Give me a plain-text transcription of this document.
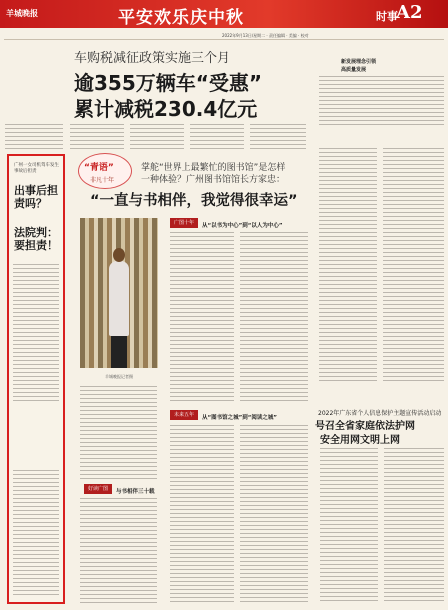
羊城晚报	平安欢乐庆中秋	时事
A2
2022年9月13日/星期二 · 责任编辑 · 美编 · 校对
车购税减征政策实施三个月
逾355万辆车“受惠”
累计减税230.4亿元
新发展理念引领
高质量发展
广州一女司机驾车发生事故后担责
出事后担责吗？
法院判：要担责！
“青语”
非凡十年
掌舵“世界上最繁忙的图书馆”是怎样
一种体验？广州图书馆馆长方家忠：
“一直与书相伴，我觉得很幸运”
羊城晚报记者摄
广图十年	从“以书为中心”到“以人为中心”
未来五年	从“图书馆之城”到“阅读之城”
好读广图	与书相伴三十载
2022年广东省个人信息保护主题宣传活动启动
号召全省家庭依法护网
安全用网文明上网
